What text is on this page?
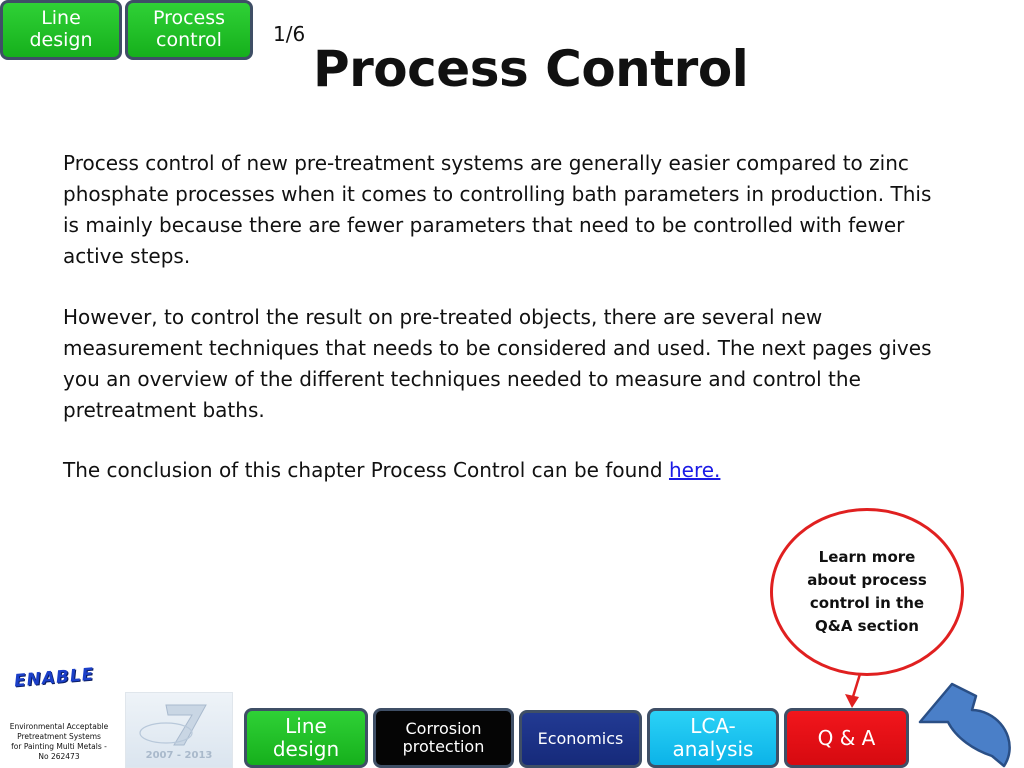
Line
design
Process
control	1/6
Process Control
Process control of new pre-treatment systems are generally easier compared to zinc phosphate processes when it comes to controlling bath parameters in production. This is mainly because there are fewer parameters that need to be controlled with fewer active steps.
However, to control the result on pre-treated objects, there are several new measurement techniques that needs to be considered and used. The next pages gives you an overview of the different techniques needed to measure and control the pretreatment baths.
The conclusion of this chapter Process Control can be found here.
Learn more
about process
control in the
Q&A section
ENABLE
Environmental Acceptable
Pretreatment Systems
for Painting Multi Metals -
No 262473	2007 - 2013
Line
design
Corrosion
protection	Economics
LCA-
analysis	Q & A
